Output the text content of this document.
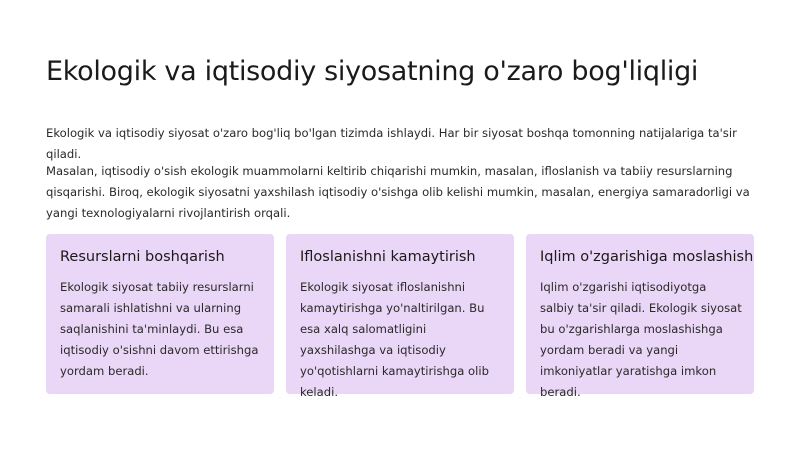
Ekologik va iqtisodiy siyosatning o'zaro bog'liqligi

Ekologik va iqtisodiy siyosat o'zaro bog'liq bo'lgan tizimda ishlaydi. Har bir siyosat boshqa tomonning natijalariga ta'sir qiladi.

Masalan, iqtisodiy o'sish ekologik muammolarni keltirib chiqarishi mumkin, masalan, ifloslanish va tabiiy resurslarning qisqarishi. Biroq, ekologik siyosatni yaxshilash iqtisodiy o'sishga olib kelishi mumkin, masalan, energiya samaradorligi va yangi texnologiyalarni rivojlantirish orqali.

Resurslarni boshqarish

Ekologik siyosat tabiiy resurslarni samarali ishlatishni va ularning saqlanishini ta'minlaydi. Bu esa iqtisodiy o'sishni davom ettirishga yordam beradi.

Ifloslanishni kamaytirish

Ekologik siyosat ifloslanishni kamaytirishga yo'naltirilgan. Bu esa xalq salomatligini yaxshilashga va iqtisodiy yo'qotishlarni kamaytirishga olib keladi.

Iqlim o'zgarishiga moslashish

Iqlim o'zgarishi iqtisodiyotga salbiy ta'sir qiladi. Ekologik siyosat bu o'zgarishlarga moslashishga yordam beradi va yangi imkoniyatlar yaratishga imkon beradi.
